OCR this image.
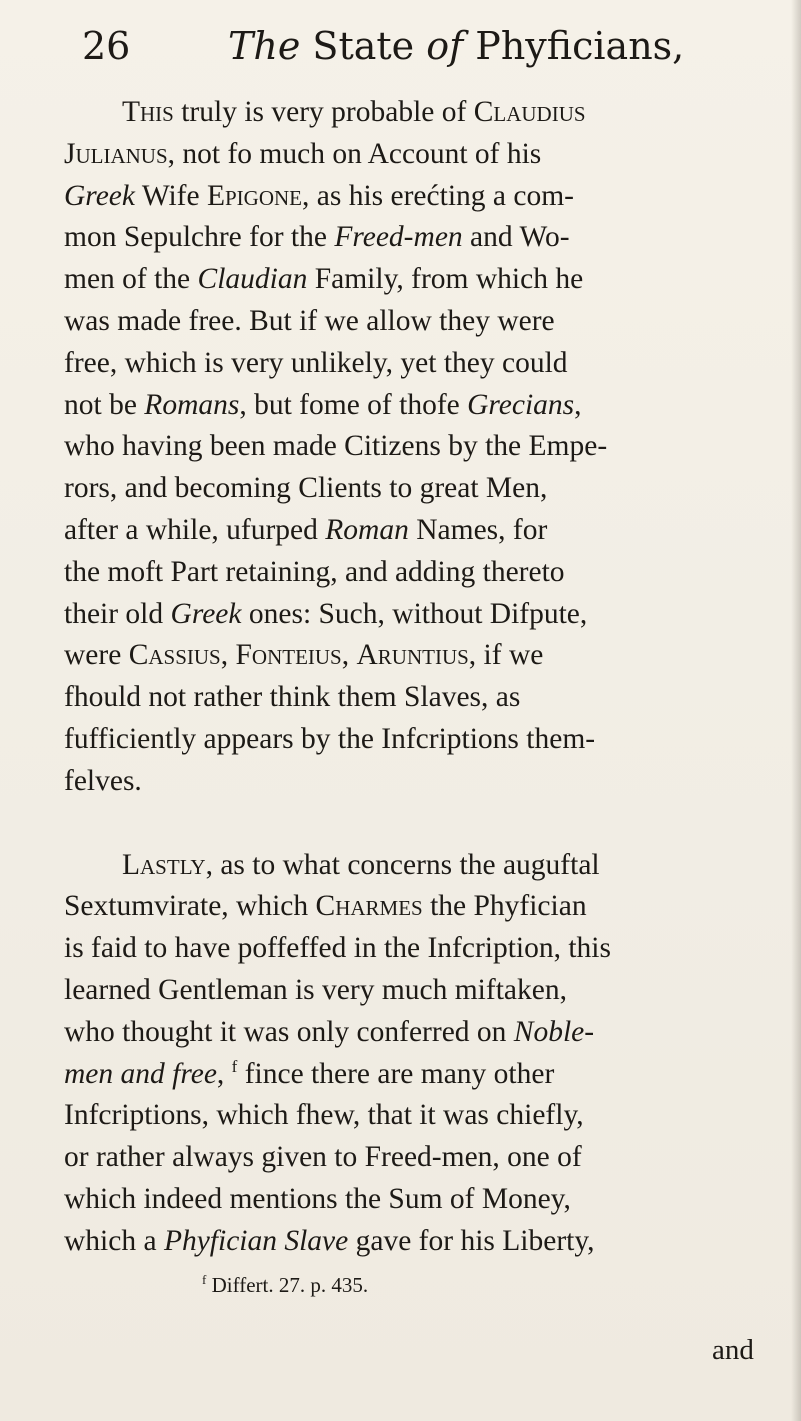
26	The State of Phyficians,
This truly is very probable of Claudius
Julianus, not fo much on Account of his
Greek Wife Epigone, as his erećting a com-
mon Sepulchre for the Freed-men and Wo-
men of the Claudian Family, from which he
was made free. But if we allow they were
free, which is very unlikely, yet they could
not be Romans, but fome of thofe Grecians,
who having been made Citizens by the Empe-
rors, and becoming Clients to great Men,
after a while, ufurped Roman Names, for
the moft Part retaining, and adding thereto
their old Greek ones: Such, without Difpute,
were Cassius, Fonteius, Aruntius, if we
fhould not rather think them Slaves, as
fufficiently appears by the Infcriptions them-
felves.
Lastly, as to what concerns the auguftal
Sextumvirate, which Charmes the Phyfician
is faid to have poffeffed in the Infcription, this
learned Gentleman is very much miftaken,
who thought it was only conferred on Noble-
men and free, $^f$ fince there are many other
Infcriptions, which fhew, that it was chiefly,
or rather always given to Freed-men, one of
which indeed mentions the Sum of Money,
which a Phyfician Slave gave for his Liberty,
$^f$ Differt. 27. p. 435.
and
